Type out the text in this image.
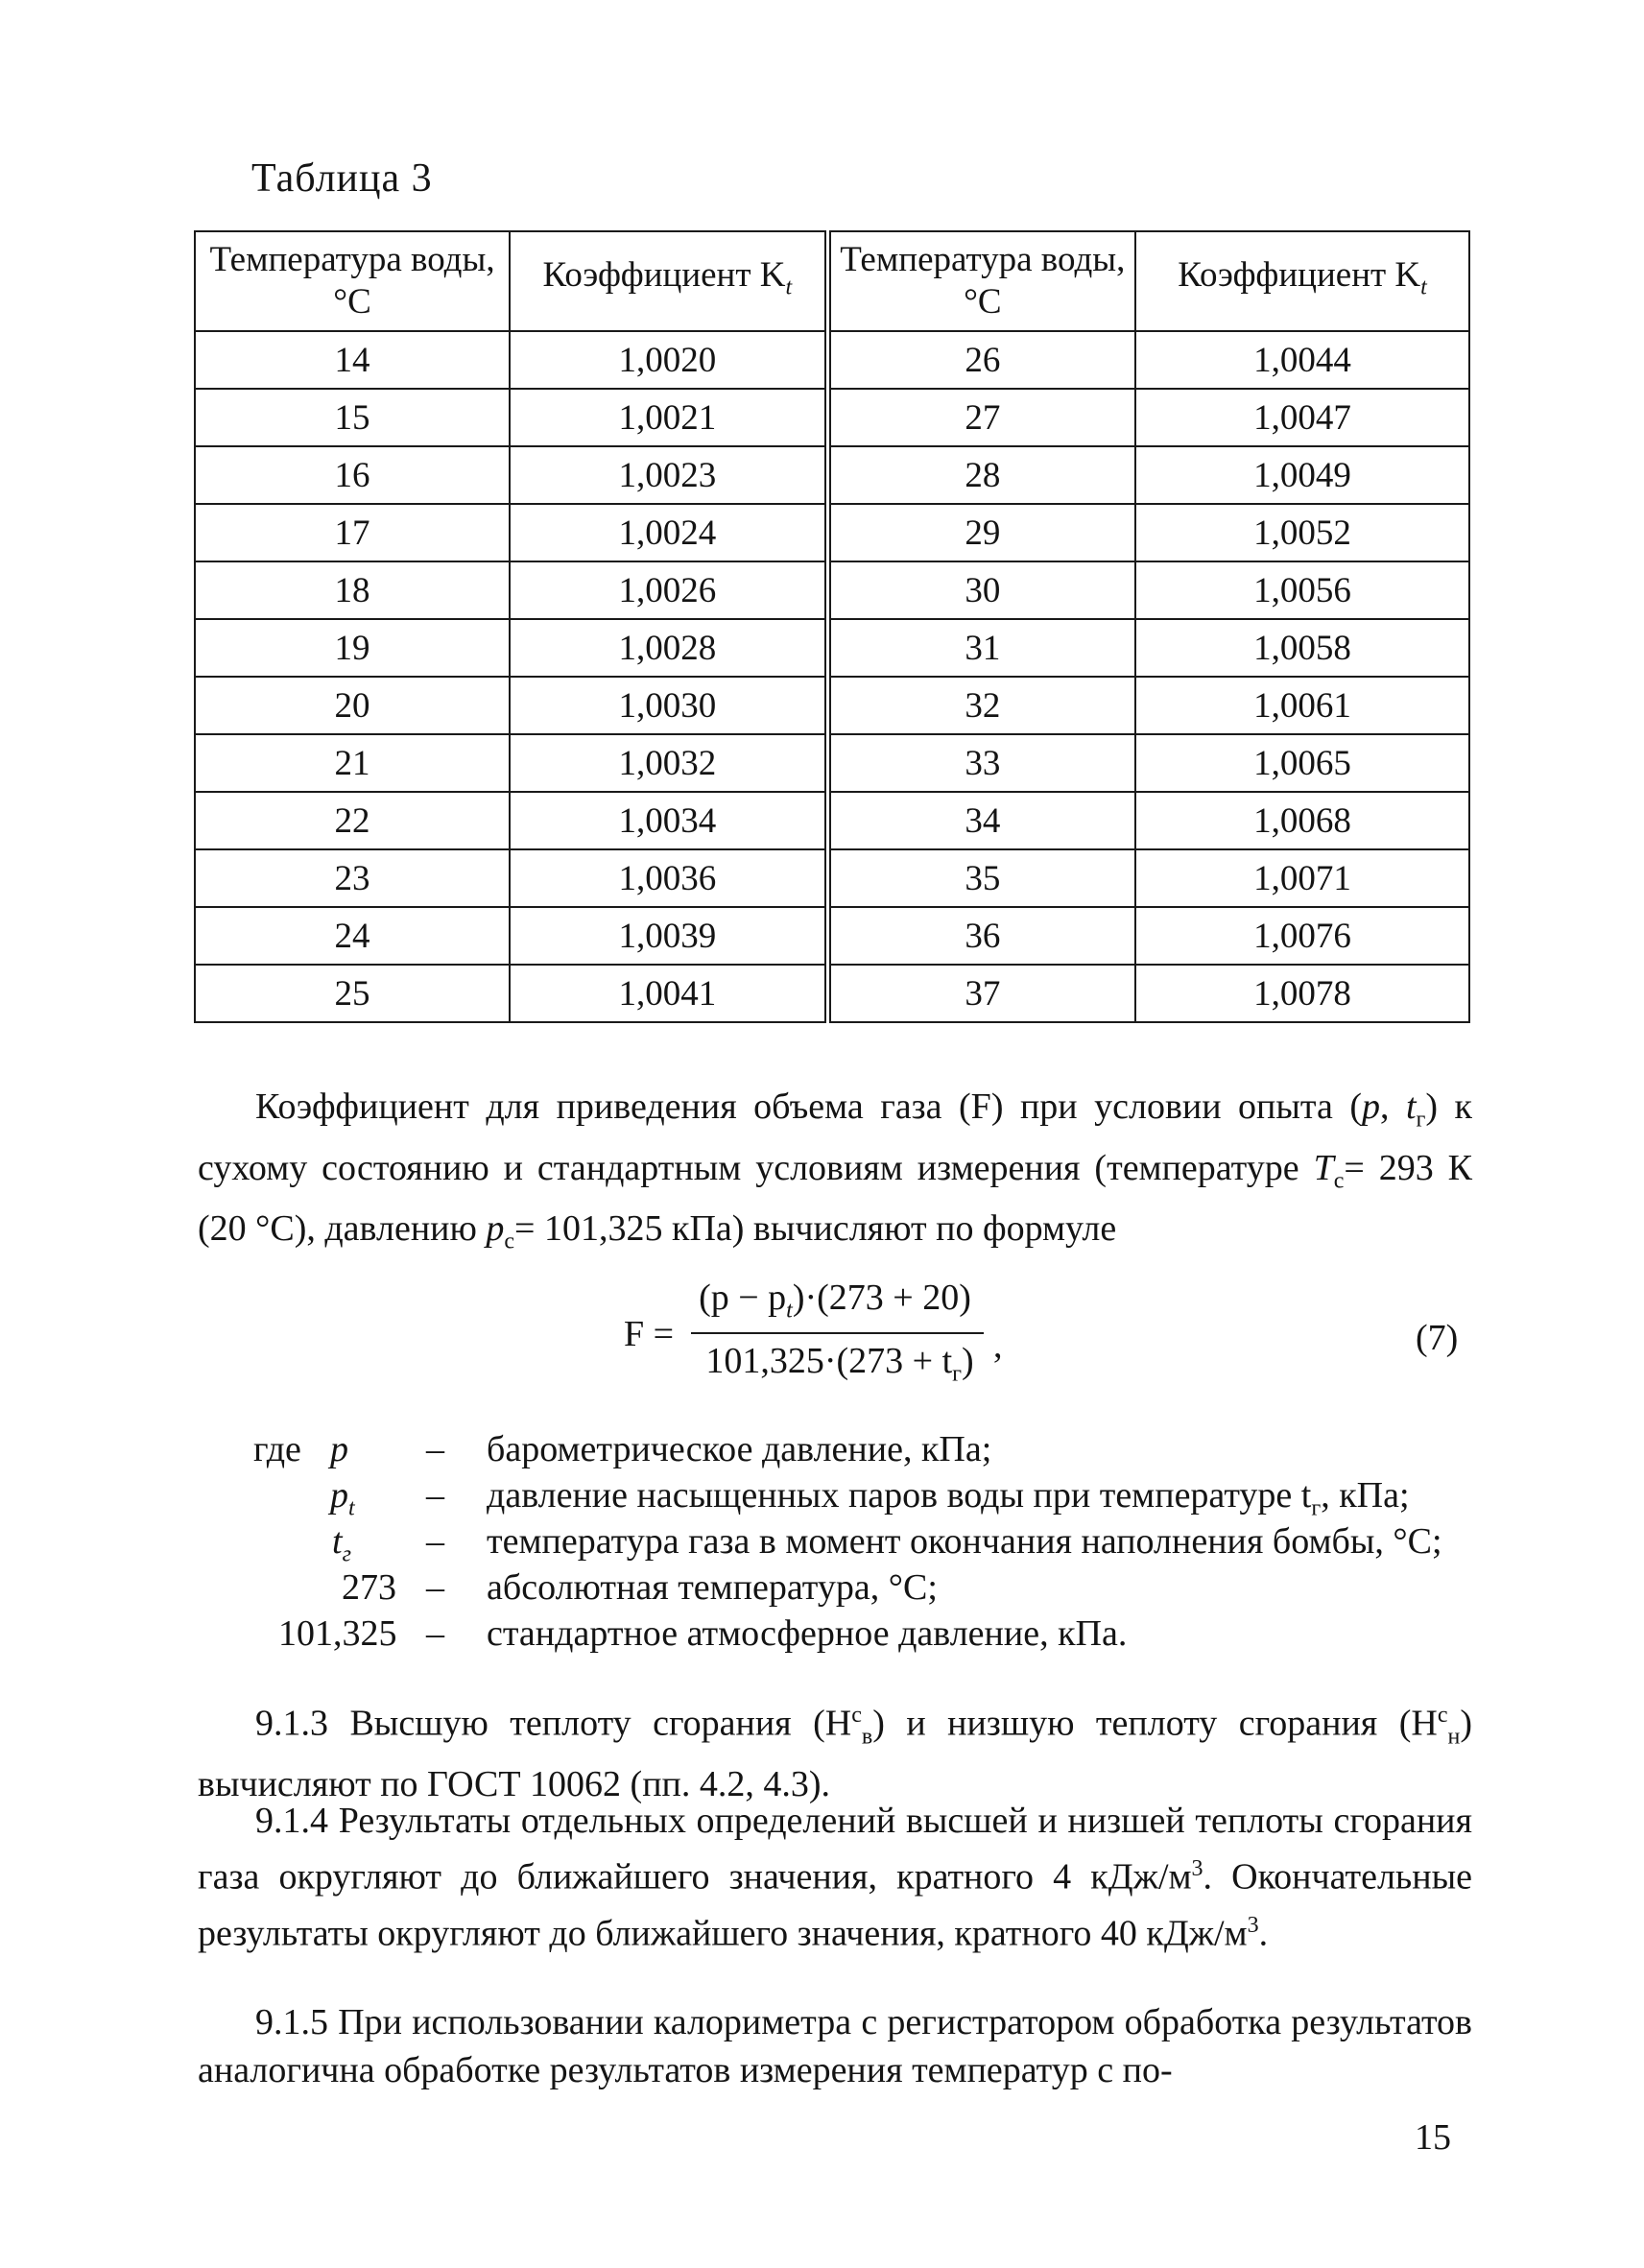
Таблица 3
Температура воды, °С	Коэффициент $K_t$	Температура воды, °С	Коэффициент $K_t$
14	1,0020	26	1,0044
15	1,0021	27	1,0047
16	1,0023	28	1,0049
17	1,0024	29	1,0052
18	1,0026	30	1,0056
19	1,0028	31	1,0058
20	1,0030	32	1,0061
21	1,0032	33	1,0065
22	1,0034	34	1,0068
23	1,0036	35	1,0071
24	1,0039	36	1,0076
25	1,0041	37	1,0078
Коэффициент для приведения объема газа (F) при условии опыта (p, $t_г$) к сухому состоянию и стандартным условиям измерения (температуре $T_с= 293$ К (20 °С), давлению $p_с= 101,325$ кПа) вычисляют по формуле
F =
$(p - p_t)\cdot(273 + 20)$
$101,325\cdot(273 + t_г)$ ,	(7)
где p – барометрическое давление, кПа;
$p_t$ – давление насыщенных паров воды при температуре $t_г$, кПа;
$t_г$ – температура газа в момент окончания наполнения бомбы, °С;
273 – абсолютная температура, °С;
101,325 – стандартное атмосферное давление, кПа.
9.1.3 Высшую теплоту сгорания $(H^с_в)$ и низшую теплоту сгорания $(H^с_н)$ вычисляют по ГОСТ 10062 (пп. 4.2, 4.3).
9.1.4 Результаты отдельных определений высшей и низшей теплоты сгорания газа округляют до ближайшего значения, кратного 4 кДж/$м^3$. Окончательные результаты округляют до ближайшего значения, кратного 40 кДж/$м^3$.
9.1.5 При использовании калориметра с регистратором обработка результатов аналогична обработке результатов измерения температур с по-
15
